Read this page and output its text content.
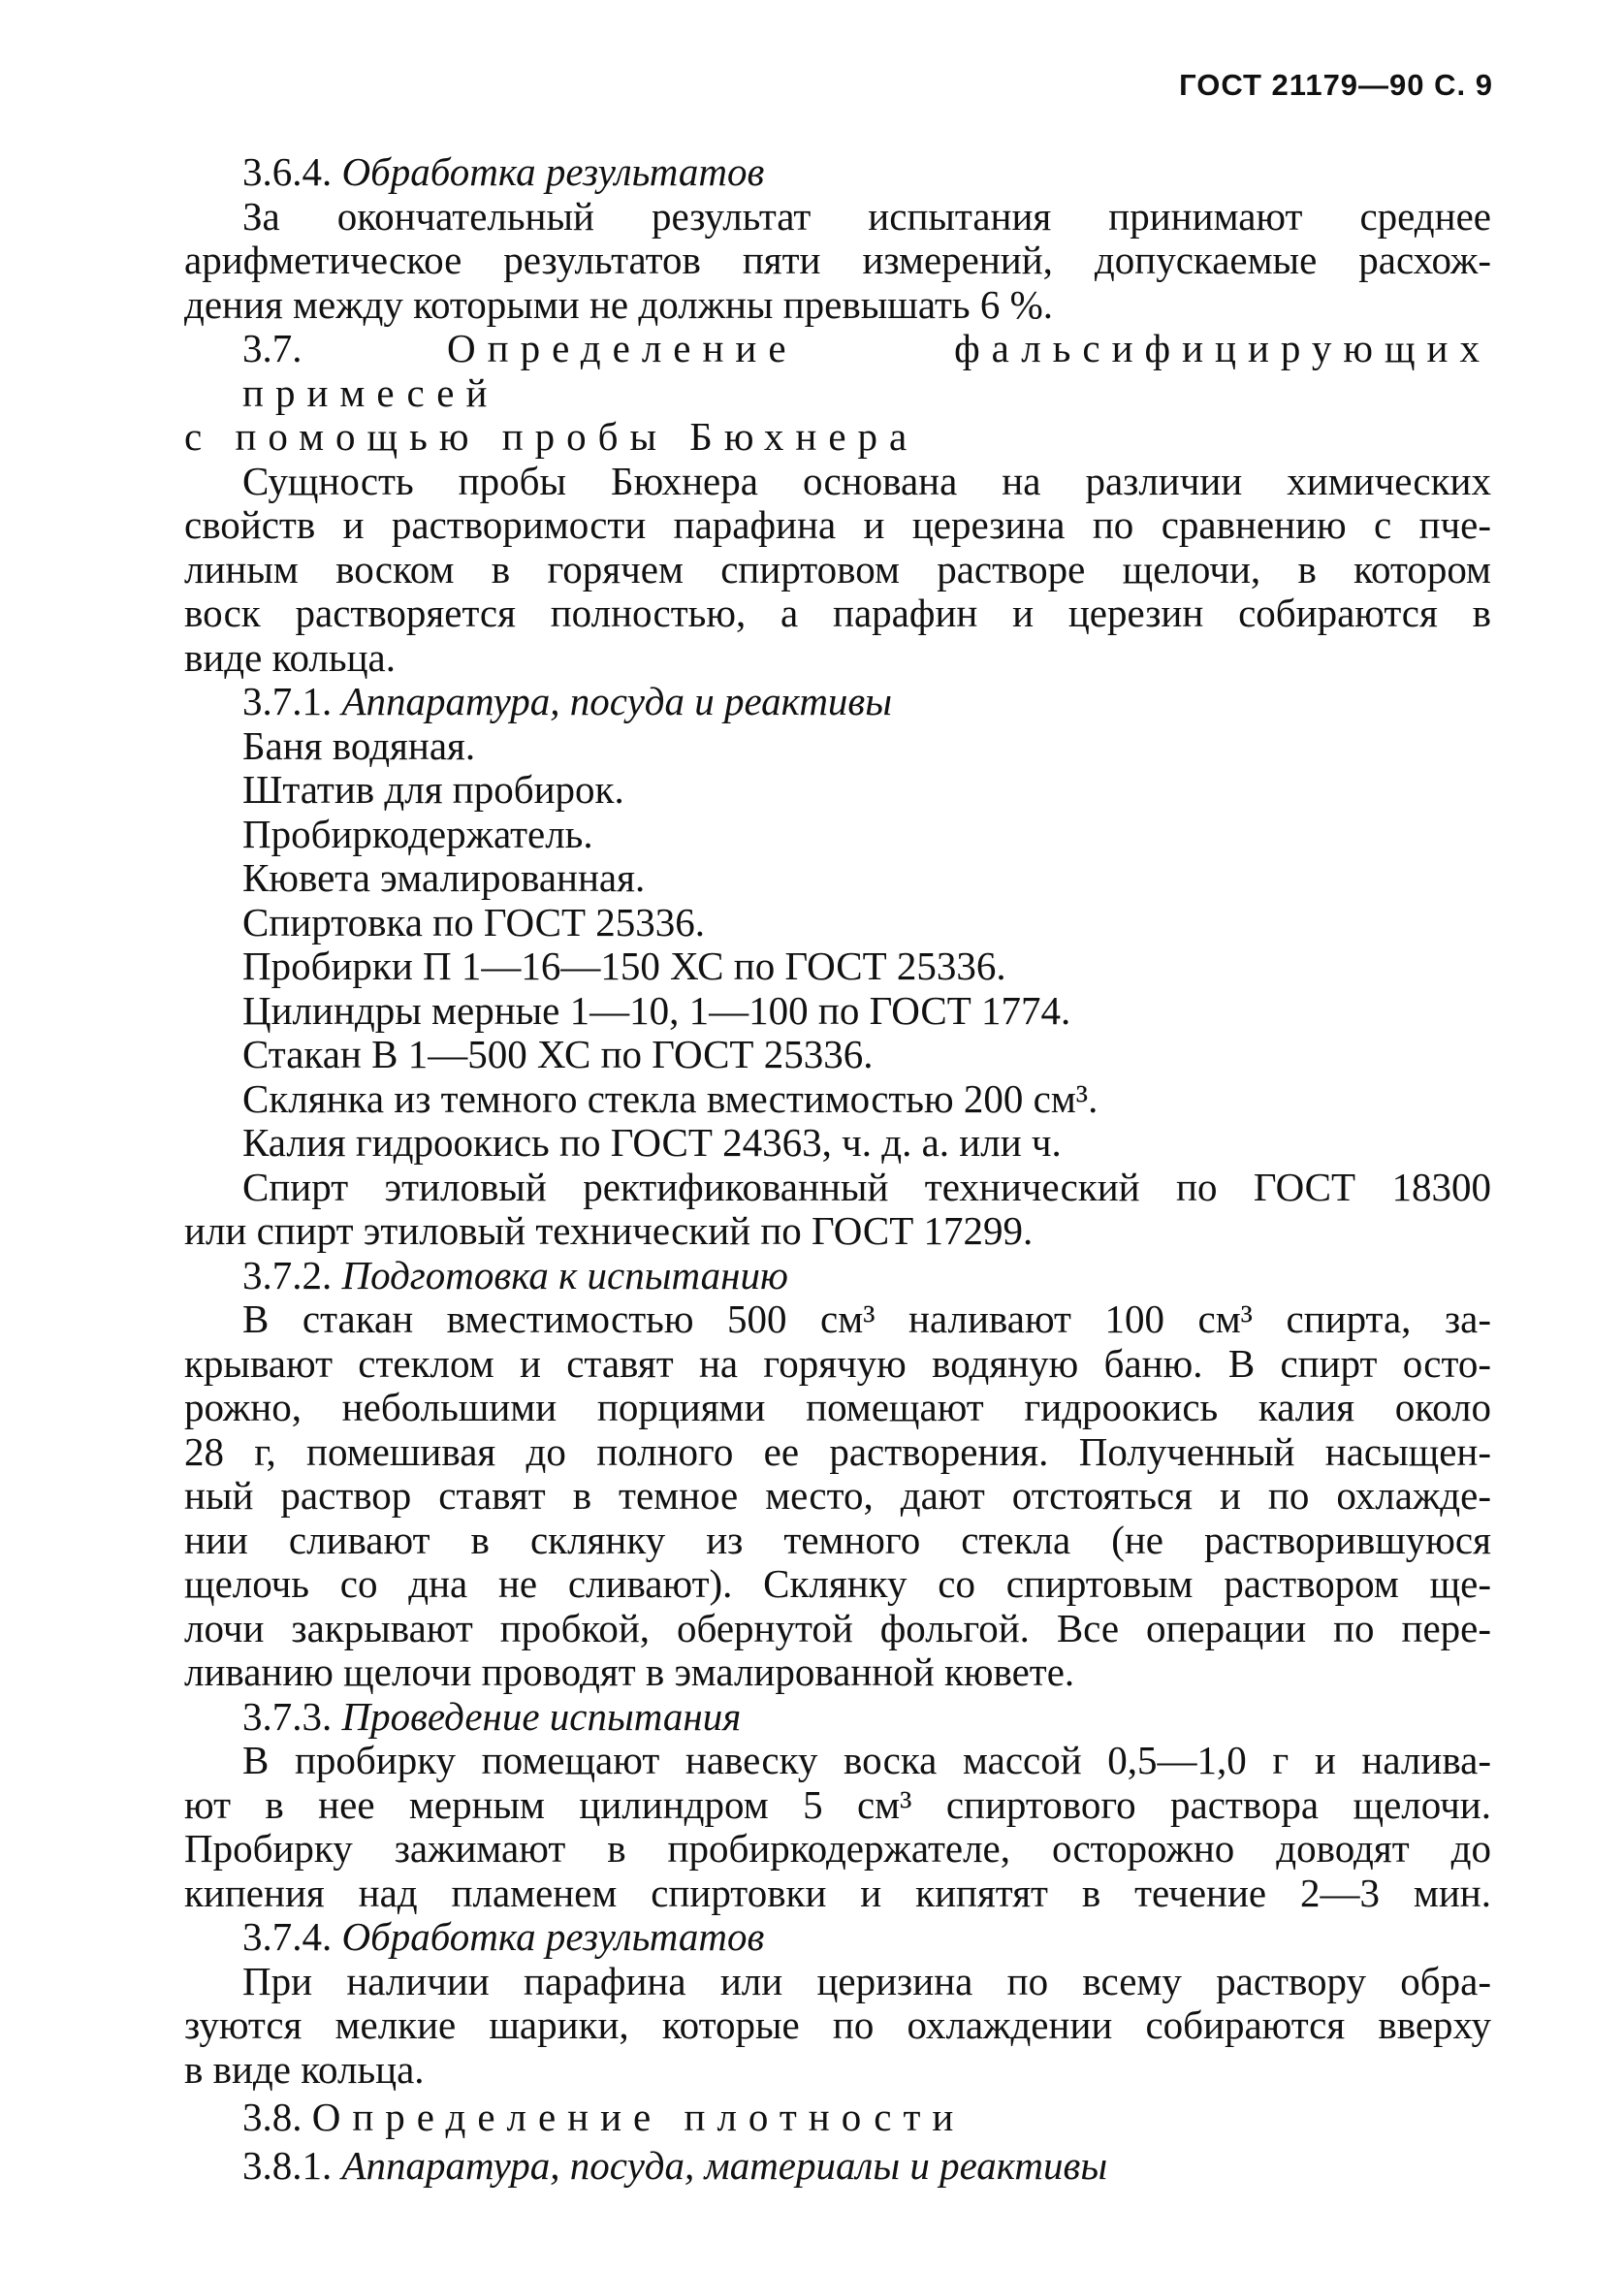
ГОСТ 21179—90 С. 9
3.6.4. Обработка результатов
За окончательный результат испытания принимают среднее
арифметическое результатов пяти измерений, допускаемые расхож-
дения между которыми не должны превышать 6 %.
3.7. Определение фальсифицирующих примесей
с помощью пробы Бюхнера
Сущность пробы Бюхнера основана на различии химических
свойств и растворимости парафина и церезина по сравнению с пче-
линым воском в горячем спиртовом растворе щелочи, в котором
воск растворяется полностью, а парафин и церезин собираются в
виде кольца.
3.7.1. Аппаратура, посуда и реактивы
Баня водяная.
Штатив для пробирок.
Пробиркодержатель.
Кювета эмалированная.
Спиртовка по ГОСТ 25336.
Пробирки П 1—16—150 ХС по ГОСТ 25336.
Цилиндры мерные 1—10, 1—100 по ГОСТ 1774.
Стакан В 1—500 ХС по ГОСТ 25336.
Склянка из темного стекла вместимостью 200 см³.
Калия гидроокись по ГОСТ 24363, ч. д. а. или ч.
Спирт этиловый ректификованный технический по ГОСТ 18300
или спирт этиловый технический по ГОСТ 17299.
3.7.2. Подготовка к испытанию
В стакан вместимостью 500 см³ наливают 100 см³ спирта, за-
крывают стеклом и ставят на горячую водяную баню. В спирт осто-
рожно, небольшими порциями помещают гидроокись калия около
28 г, помешивая до полного ее растворения. Полученный насыщен-
ный раствор ставят в темное место, дают отстояться и по охлажде-
нии сливают в склянку из темного стекла (не растворившуюся
щелочь со дна не сливают). Склянку со спиртовым раствором ще-
лочи закрывают пробкой, обернутой фольгой. Все операции по пере-
ливанию щелочи проводят в эмалированной кювете.
3.7.3. Проведение испытания
В пробирку помещают навеску воска массой 0,5—1,0 г и налива-
ют в нее мерным цилиндром 5 см³ спиртового раствора щелочи.
Пробирку зажимают в пробиркодержателе, осторожно доводят до
кипения над пламенем спиртовки и кипятят в течение 2—3 мин.
3.7.4. Обработка результатов
При наличии парафина или церизина по всему раствору обра-
зуются мелкие шарики, которые по охлаждении собираются вверху
в виде кольца.
3.8. Определение плотности
3.8.1. Аппаратура, посуда, материалы и реактивы
